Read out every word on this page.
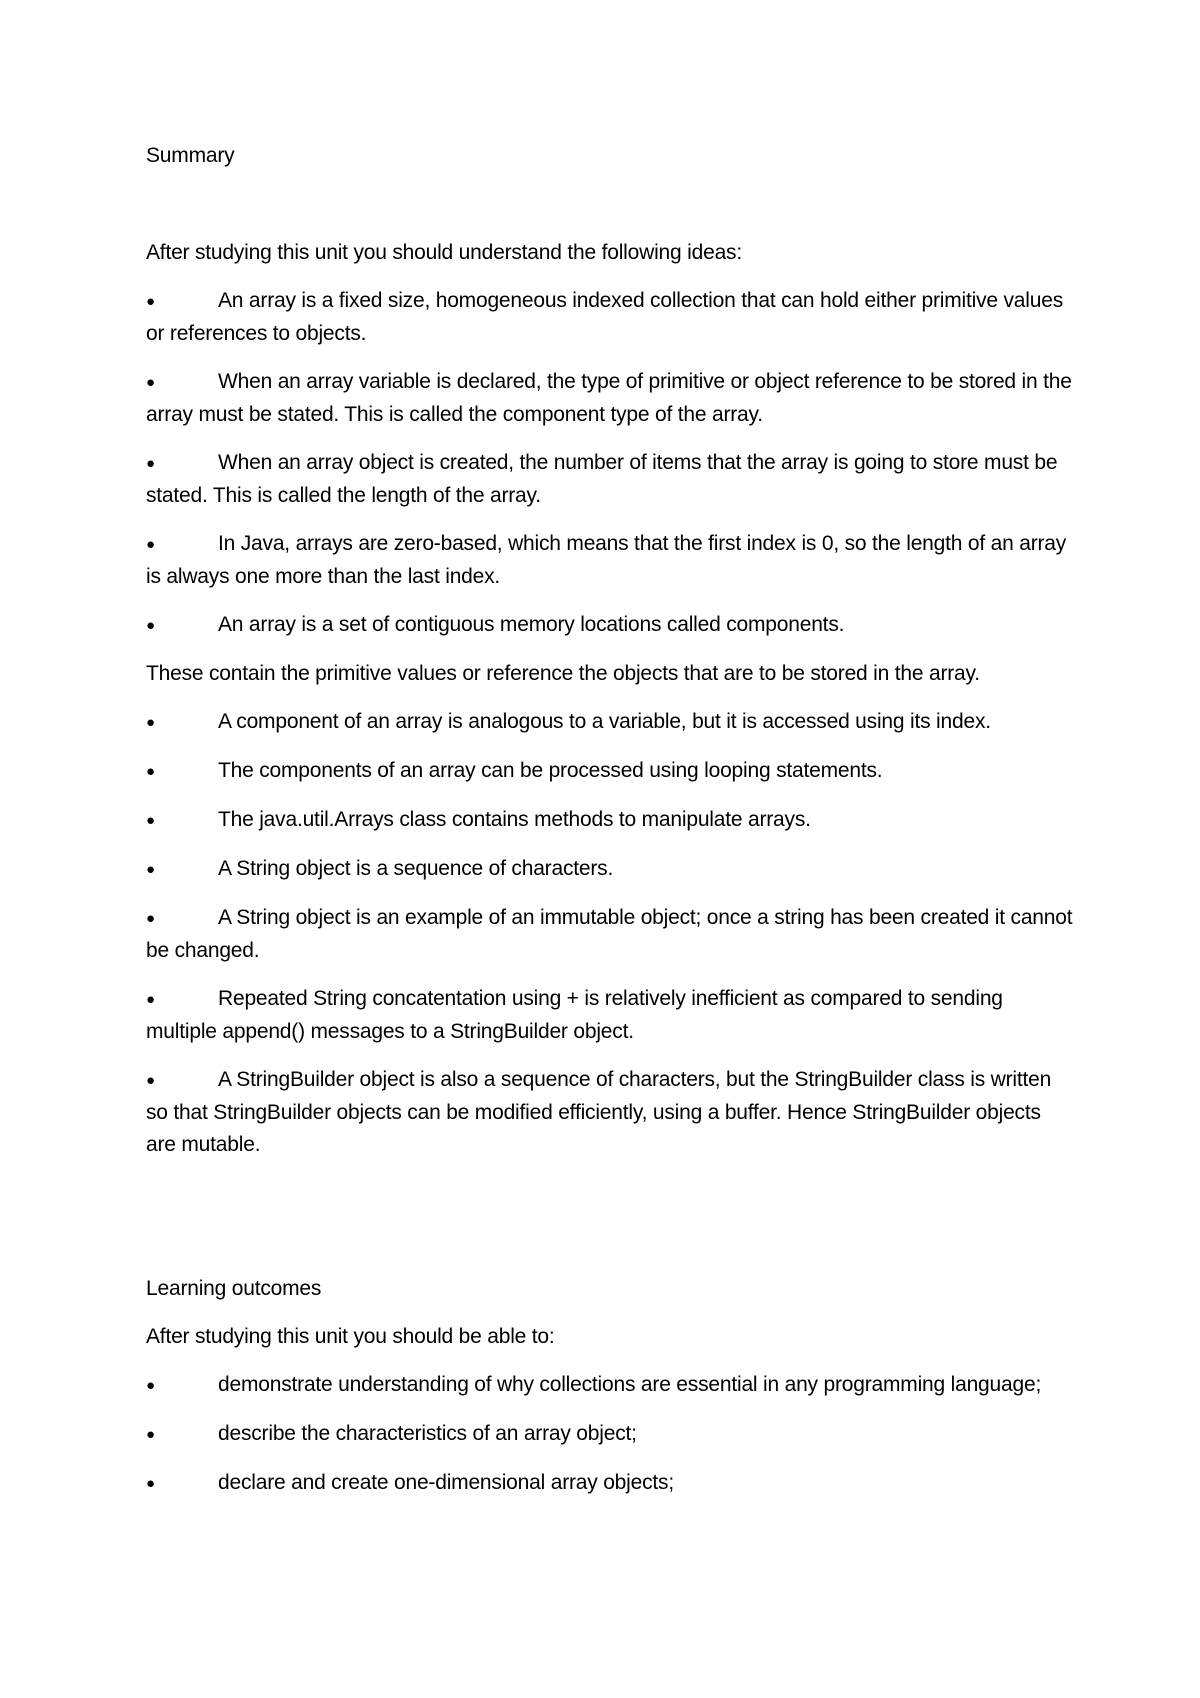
Summary

After studying this unit you should understand the following ideas:

●	An array is a fixed size, homogeneous indexed collection that can hold either primitive values or references to objects.

●	When an array variable is declared, the type of primitive or object reference to be stored in the array must be stated. This is called the component type of the array.

●	When an array object is created, the number of items that the array is going to store must be stated. This is called the length of the array.

●	In Java, arrays are zero-based, which means that the first index is 0, so the length of an array is always one more than the last index.

●	An array is a set of contiguous memory locations called components.

These contain the primitive values or reference the objects that are to be stored in the array.

●	A component of an array is analogous to a variable, but it is accessed using its index.

●	The components of an array can be processed using looping statements.

●	The java.util.Arrays class contains methods to manipulate arrays.

●	A String object is a sequence of characters.

●	A String object is an example of an immutable object; once a string has been created it cannot be changed.

●	Repeated String concatentation using + is relatively inefficient as compared to sending multiple append() messages to a StringBuilder object.

●	A StringBuilder object is also a sequence of characters, but the StringBuilder class is written so that StringBuilder objects can be modified efficiently, using a buffer. Hence StringBuilder objects are mutable.

Learning outcomes

After studying this unit you should be able to:

●	demonstrate understanding of why collections are essential in any programming language;

●	describe the characteristics of an array object;

●	declare and create one-dimensional array objects;
